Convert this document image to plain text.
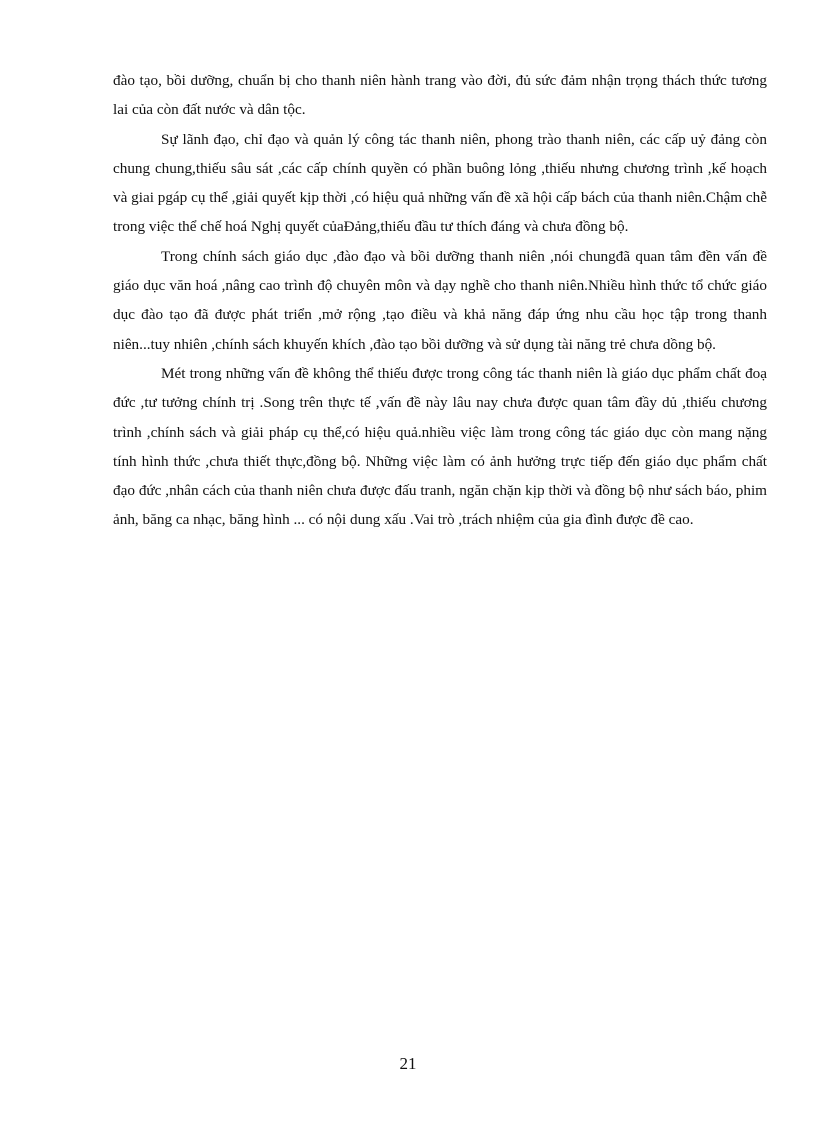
đào tạo, bồi dưỡng, chuẩn bị cho thanh niên hành trang vào đời, đủ sức đảm nhận trọng thách thức tương lai của còn đất nước và dân tộc.

Sự lãnh đạo, chỉ đạo và quản lý công tác thanh niên, phong trào thanh niên, các cấp uỷ đảng còn chung chung,thiếu sâu sát ,các cấp chính quyền có phần buông lỏng ,thiếu nhưng chương trình ,kế hoạch và giai pgáp cụ thể ,giải quyết kịp thời ,có hiệu quả những vấn đề xã hội cấp bách của thanh niên.Chậm chễ trong việc thể chế hoá Nghị quyết củaĐảng,thiếu đầu tư thích đáng và chưa đồng bộ.

Trong chính sách giáo dục ,đào đạo và bồi dưỡng thanh niên ,nói chungđã quan tâm đền vấn đề giáo dục văn hoá ,nâng cao trình độ chuyên môn và dạy nghề cho thanh niên.Nhiều hình thức tổ chức giáo dục đào tạo đã được phát triển ,mở rộng ,tạo điều và khả năng đáp ứng nhu cầu học tập trong thanh niên...tuy nhiên ,chính sách khuyến khích ,đào tạo bồi dưỡng và sử dụng tài năng trẻ chưa dồng bộ.

Mét trong những vấn đề không thể thiếu được trong công tác thanh niên là giáo dục phẩm chất đoạ đức ,tư tưởng chính trị .Song trên thực tế ,vấn đề này lâu nay chưa được quan tâm đầy dủ ,thiếu chương trình ,chính sách và giải pháp cụ thể,có hiệu quả.nhiều việc làm trong công tác giáo dục còn mang nặng tính hình thức ,chưa thiết thực,đồng bộ. Những việc làm có ảnh hưởng trực tiếp đến giáo dục phẩm chất đạo đức ,nhân cách của thanh niên chưa được đấu tranh, ngăn chặn kịp thời và đồng bộ như sách báo, phim ảnh, băng ca nhạc, băng hình ... có nội dung xấu .Vai trò ,trách nhiệm của gia đình được đề cao.

21
